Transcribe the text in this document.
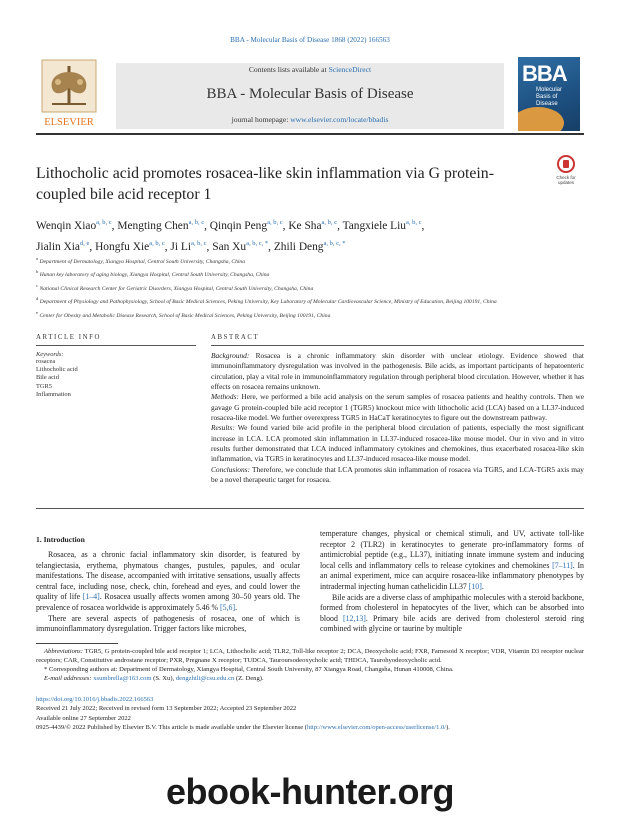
BBA - Molecular Basis of Disease 1868 (2022) 166563
ELSEVIER
Contents lists available at ScienceDirect
BBA - Molecular Basis of Disease
journal homepage: www.elsevier.com/locate/bbadis
BBA
Molecular
Basis of
Disease
Check for
updates
Lithocholic acid promotes rosacea-like skin inflammation via G protein-coupled bile acid receptor 1
Wenqin Xiao$^{a, b, c}$, Mengting Chen$^{a, b, c}$, Qinqin Peng$^{a, b, c}$, Ke Sha$^{a, b, c}$, Tangxiele Liu$^{a, b, c}$,
Jialin Xia$^{d, e}$, Hongfu Xie$^{a, b, c}$, Ji Li$^{a, b, c}$, San $Xu^{a, b, c, *}$, Zhili Deng$^{a, b, c, *}$

$^a$ Department of Dermatology, Xiangya Hospital, Central South University, Changsha, China

$^b$ Hunan key laboratory of aging biology, Xiangya Hospital, Central South University, Changsha, China

$^c$ National Clinical Research Center for Geriatric Disorders, Xiangya Hospital, Central South University, Changsha, China

$^d$ Department of Physiology and Pathophysiology, School of Basic Medical Sciences, Peking University, Key Laboratory of Molecular Cardiovascular Science, Ministry of Education, Beijing 100191, China

$^e$ Center for Obesity and Metabolic Disease Research, School of Basic Medical Sciences, Peking University, Beijing 100191, China

ARTICLE INFO	ABSTRACT
Keywords:
rosacea
Lithocholic acid
Bile acid
TGR5
Inflammation

Background: Rosacea is a chronic inflammatory skin disorder with unclear etiology. Evidence showed that immunoinflammatory dysregulation was involved in the pathogenesis. Bile acids, as important participants of hepatoenteric circulation, play a vital role in immunoinflammatory regulation through peripheral blood circulation. However, whether it has effects on rosacea remains unknown.

Methods: Here, we performed a bile acid analysis on the serum samples of rosacea patients and healthy controls. Then we gavage G protein-coupled bile acid receptor 1 (TGR5) knockout mice with lithocholic acid (LCA) based on a LL37-induced rosacea-like model. We further overexpress TGR5 in HaCaT keratinocytes to figure out the downstream pathway.

Results: We found varied bile acid profile in the peripheral blood circulation of patients, especially the most significant increase in LCA. LCA promoted skin inflammation in LL37-induced rosacea-like mouse model. Our in vivo and in vitro results further demonstrated that LCA induced inflammatory cytokines and chemokines, thus exacerbated rosacea-like skin inflammation, via TGR5 in keratinocytes and LL37-induced rosacea-like mouse model.

Conclusions: Therefore, we conclude that LCA promotes skin inflammation of rosacea via TGR5, and LCA-TGR5 axis may be a novel therapeutic target for rosacea.

1. Introduction

Rosacea, as a chronic facial inflammatory skin disorder, is featured by telangiectasia, erythema, phymatous changes, pustules, papules, and ocular manifestations. The disease, accompanied with irritative sensations, usually affects central face, including nose, check, chin, forehead and eyes, and could lower the quality of life [1–4]. Rosacea usually affects women among 30–50 years old. The prevalence of rosacea worldwide is approximately 5.46 % [5,6].

There are several aspects of pathogenesis of rosacea, one of which is immunoinflammatory dysregulation. Trigger factors like microbes,

temperature changes, physical or chemical stimuli, and UV, activate toll-like receptor 2 (TLR2) in keratinocytes to generate pro-inflammatory forms of antimicrobial peptide (e.g., LL37), initiating innate immune system and inducing local cells and inflammatory cells to release cytokines and chemokines [7–11]. In an animal experiment, mice can acquire rosacea-like inflammatory phenotypes by intradermal injecting human cathelicidin LL37 [10].

Bile acids are a diverse class of amphipathic molecules with a steroid backbone, formed from cholesterol in hepatocytes of the liver, which can be absorbed into blood [12,13]. Primary bile acids are derived from cholesterol steroid ring combined with glycine or taurine by multiple

Abbreviations: TGR5, G protein-coupled bile acid receptor 1; LCA, Lithocholic acid; TLR2, Toll-like receptor 2; DCA, Deoxycholic acid; FXR, Farnesoid X receptor; VDR, Vitamin D3 receptor nuclear receptors; CAR, Constitutive androstane receptor; PXR, Pregnane X receptor; TUDCA, Tauroursodeoxycholic acid; THDCA, Taurohyodeoxycholic acid.

* Corresponding authors at: Department of Dermatology, Xiangya Hospital, Central South University, 87 Xiangya Road, Changsha, Hunan 410008, China.

E-mail addresses: xsumbrella@163.com (S. Xu), dengzhili@csu.edu.cn (Z. Deng).

https://doi.org/10.1016/j.bbadis.2022.166563
Received 21 July 2022; Received in revised form 13 September 2022; Accepted 23 September 2022
Available online 27 September 2022
0925-4439/© 2022 Published by Elsevier B.V. This article is made available under the Elsevier license (http://www.elsevier.com/open-access/userlicense/1.0/).
ebook-hunter.org
